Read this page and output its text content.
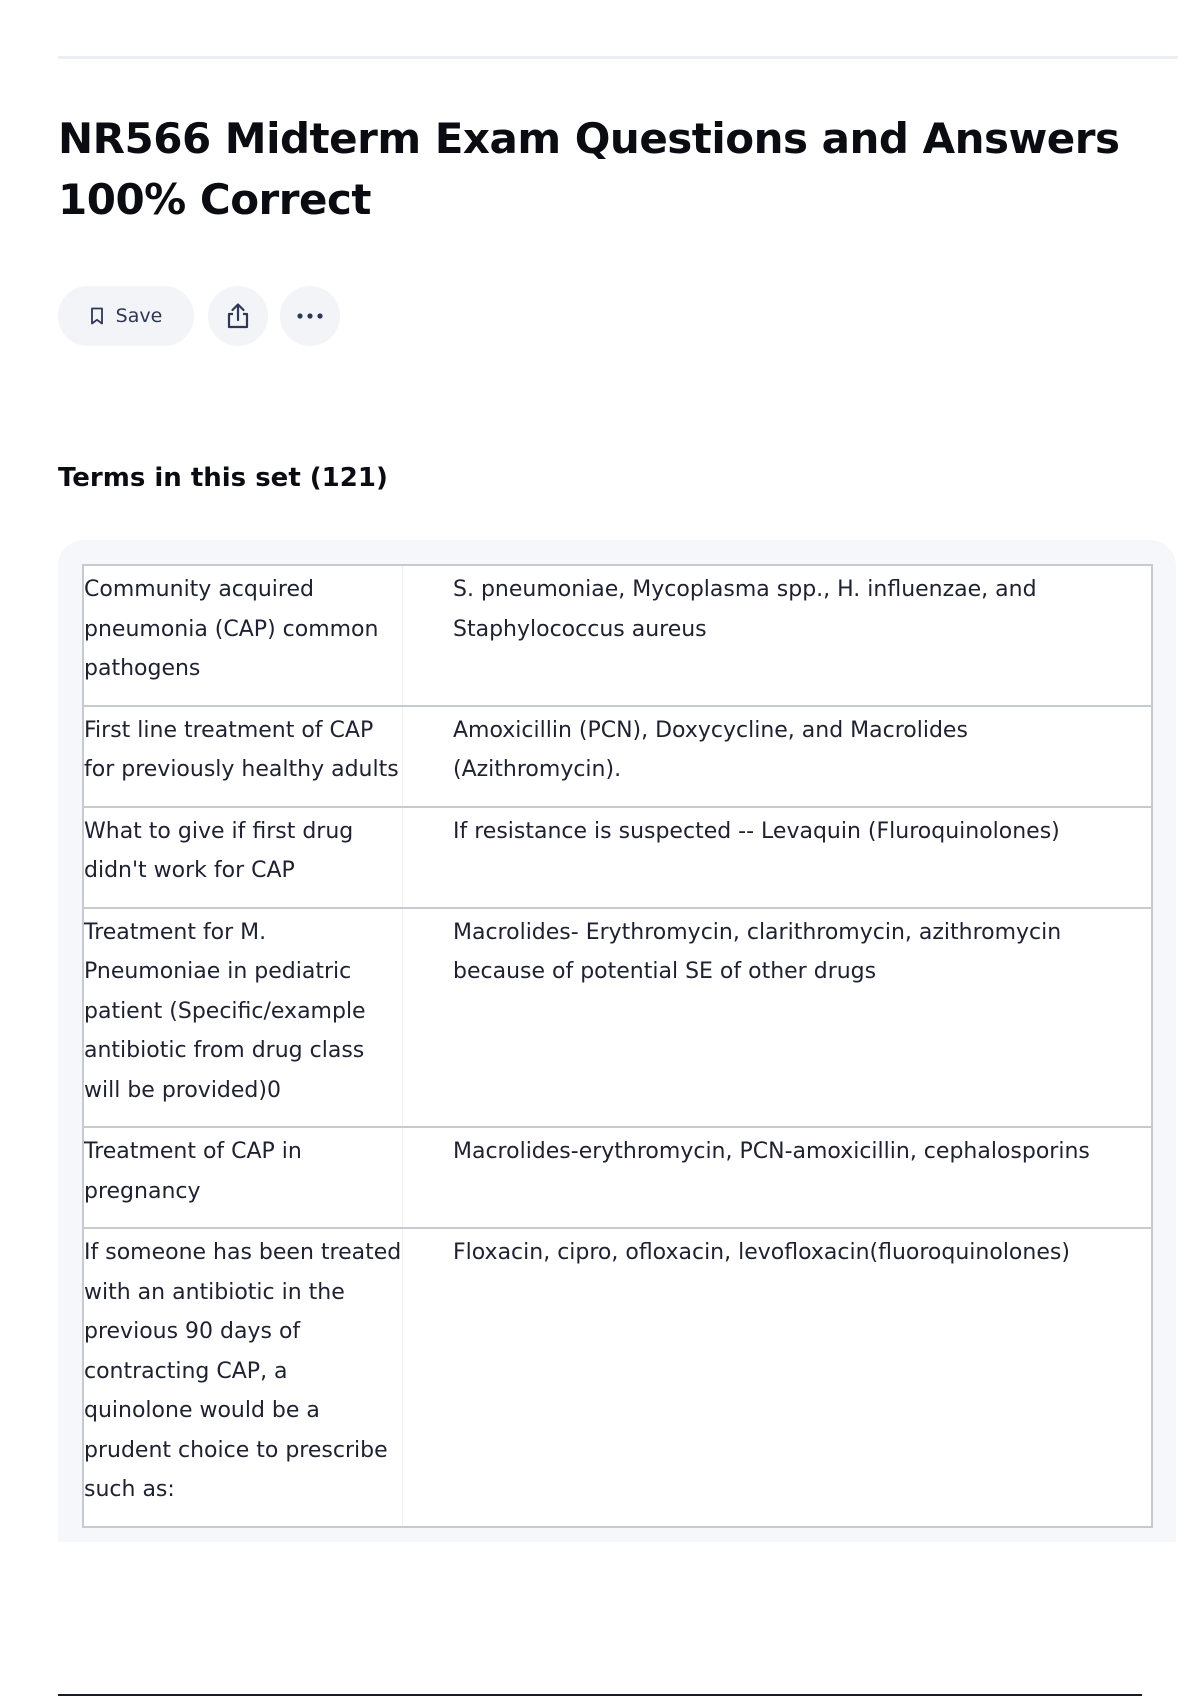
NR566 Midterm Exam Questions and Answers 100% Correct
Save
Terms in this set (121)
Community acquired pneumonia (CAP) common pathogens	S. pneumoniae, Mycoplasma spp., H. influenzae, and Staphylococcus aureus
First line treatment of CAP for previously healthy adults	Amoxicillin (PCN), Doxycycline, and Macrolides (Azithromycin).
What to give if first drug didn't work for CAP	If resistance is suspected -- Levaquin (Fluroquinolones)
Treatment for M. Pneumoniae in pediatric patient (Specific/example antibiotic from drug class will be provided)0	Macrolides- Erythromycin, clarithromycin, azithromycin because of potential SE of other drugs
Treatment of CAP in pregnancy	Macrolides-erythromycin, PCN-amoxicillin, cephalosporins
If someone has been treated with an antibiotic in the previous 90 days of contracting CAP, a quinolone would be a prudent choice to prescribe such as:	Floxacin, cipro, ofloxacin, levofloxacin(fluoroquinolones)
